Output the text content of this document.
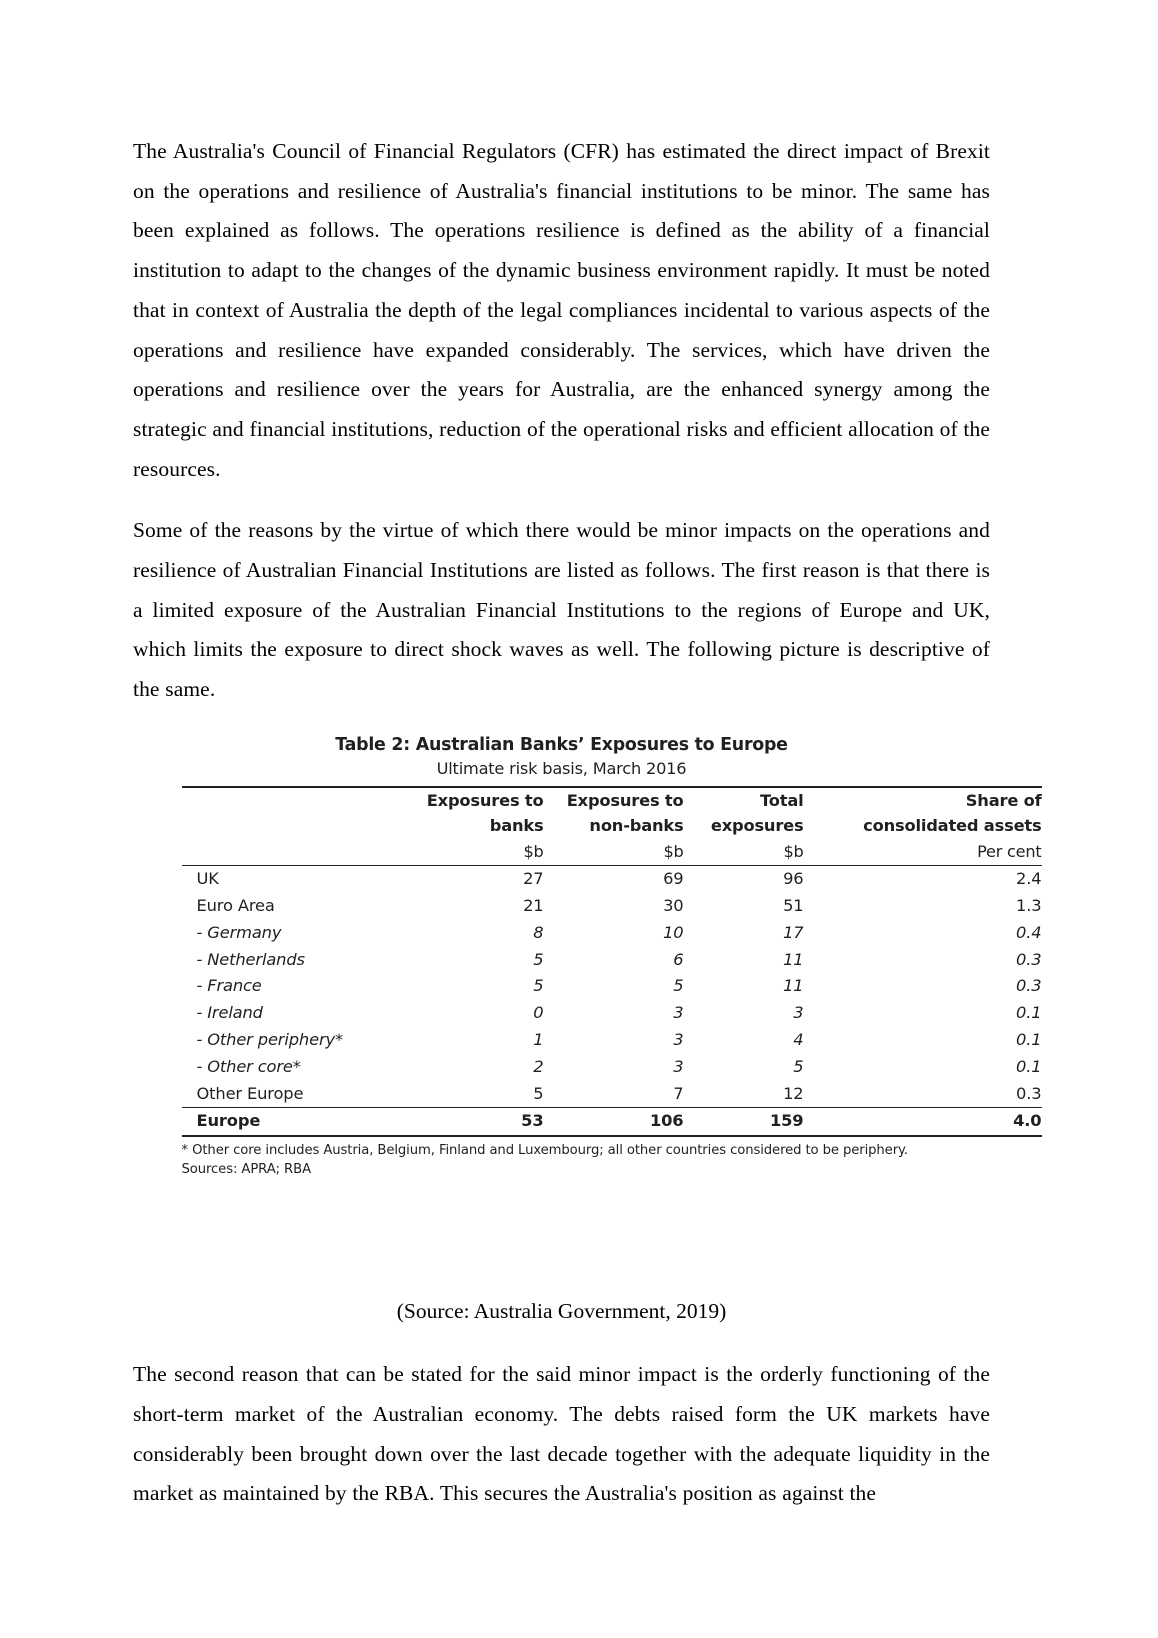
The Australia's Council of Financial Regulators (CFR) has estimated the direct impact of Brexit on the operations and resilience of Australia's financial institutions to be minor. The same has been explained as follows. The operations resilience is defined as the ability of a financial institution to adapt to the changes of the dynamic business environment rapidly. It must be noted that in context of Australia the depth of the legal compliances incidental to various aspects of the operations and resilience have expanded considerably. The services, which have driven the operations and resilience over the years for Australia, are the enhanced synergy among the strategic and financial institutions, reduction of the operational risks and efficient allocation of the resources.

Some of the reasons by the virtue of which there would be minor impacts on the operations and resilience of Australian Financial Institutions are listed as follows. The first reason is that there is a limited exposure of the Australian Financial Institutions to the regions of Europe and UK, which limits the exposure to direct shock waves as well. The following picture is descriptive of the same.

Table 2: Australian Banks’ Exposures to Europe
Ultimate risk basis, March 2016
	Exposures to	Exposures to	Total	Share of
	banks	non-banks	exposures	consolidated assets
	$b	$b	$b	Per cent
UK	27	69	96	2.4
Euro Area	21	30	51	1.3
- Germany	8	10	17	0.4
- Netherlands	5	6	11	0.3
- France	5	5	11	0.3
- Ireland	0	3	3	0.1
- Other periphery*	1	3	4	0.1
- Other core*	2	3	5	0.1
Other Europe	5	7	12	0.3
Europe	53	106	159	4.0
* Other core includes Austria, Belgium, Finland and Luxembourg; all other countries considered to be periphery.
Sources: APRA; RBA

(Source: Australia Government, 2019)

The second reason that can be stated for the said minor impact is the orderly functioning of the short-term market of the Australian economy. The debts raised form the UK markets have considerably been brought down over the last decade together with the adequate liquidity in the market as maintained by the RBA. This secures the Australia's position as against the
